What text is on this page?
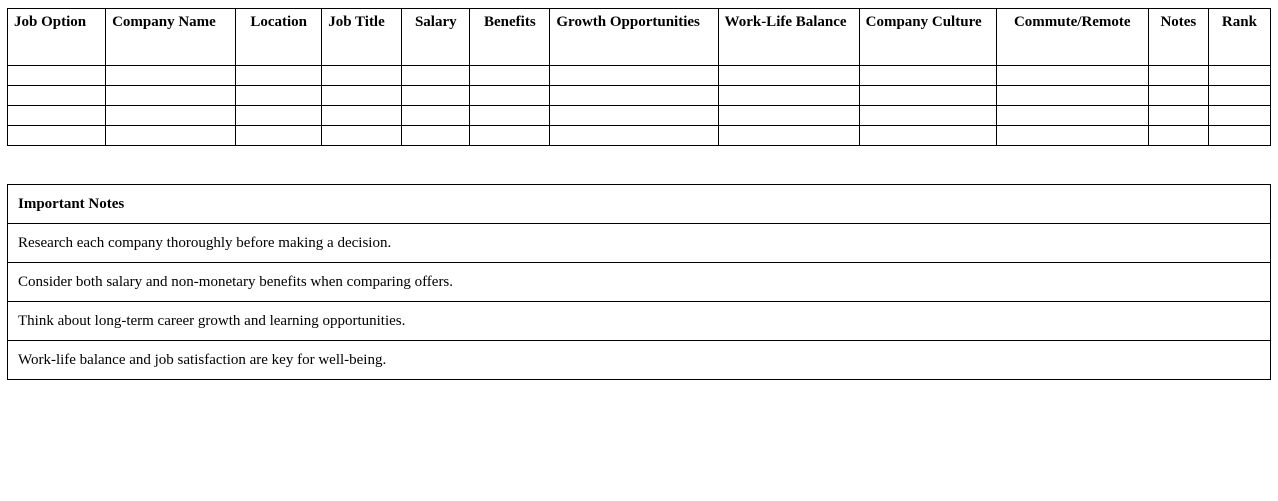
Job Option	Company Name	Location	Job Title	Salary	Benefits	Growth Opportunities	Work-Life Balance	Company Culture	Commute/Remote	Notes	Rank

Important Notes
Research each company thoroughly before making a decision.
Consider both salary and non-monetary benefits when comparing offers.
Think about long-term career growth and learning opportunities.
Work-life balance and job satisfaction are key for well-being.
